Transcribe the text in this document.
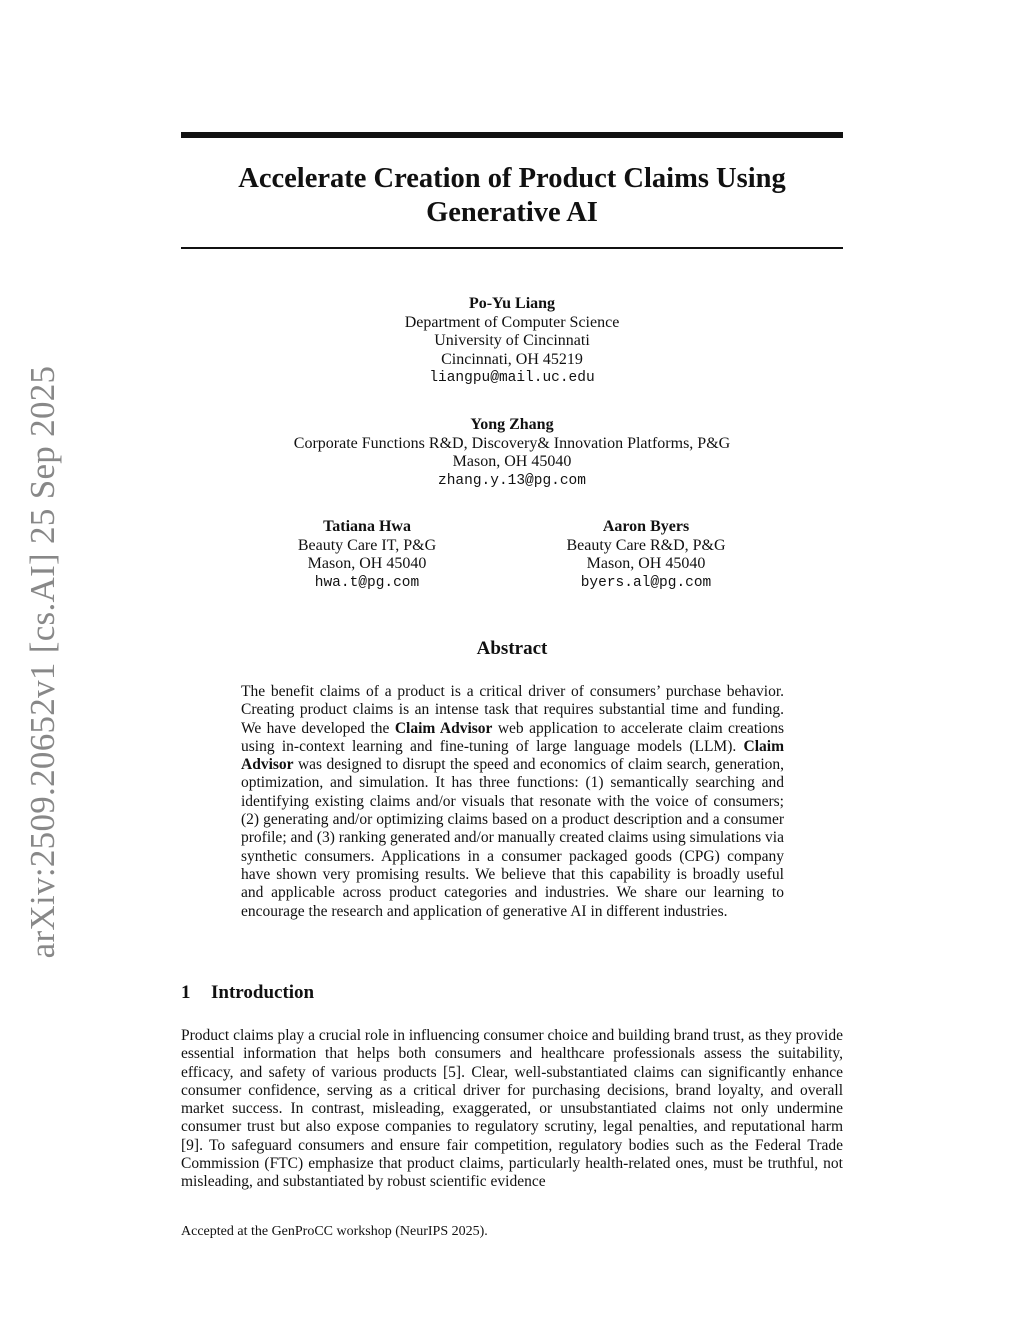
arXiv:2509.20652v1 [cs.AI] 25 Sep 2025
Accelerate Creation of Product Claims Using Generative AI
Po-Yu Liang
Department of Computer Science
University of Cincinnati
Cincinnati, OH 45219
liangpu@mail.uc.edu
Yong Zhang
Corporate Functions R&D, Discovery& Innovation Platforms, P&G
Mason, OH 45040
zhang.y.13@pg.com
Tatiana Hwa
Beauty Care IT, P&G
Mason, OH 45040
hwa.t@pg.com
Aaron Byers
Beauty Care R&D, P&G
Mason, OH 45040
byers.al@pg.com
Abstract

The benefit claims of a product is a critical driver of consumers’ purchase behavior. Creating product claims is an intense task that requires substantial time and funding. We have developed the Claim Advisor web application to accelerate claim creations using in-context learning and fine-tuning of large language models (LLM). Claim Advisor was designed to disrupt the speed and economics of claim search, generation, optimization, and simulation. It has three functions: (1) semantically searching and identifying existing claims and/or visuals that resonate with the voice of consumers; (2) generating and/or optimizing claims based on a product description and a consumer profile; and (3) ranking generated and/or manually created claims using simulations via synthetic consumers. Applications in a consumer packaged goods (CPG) company have shown very promising results. We believe that this capability is broadly useful and applicable across product categories and industries. We share our learning to encourage the research and application of generative AI in different industries.

1 Introduction

Product claims play a crucial role in influencing consumer choice and building brand trust, as they provide essential information that helps both consumers and healthcare professionals assess the suitability, efficacy, and safety of various products [5]. Clear, well-substantiated claims can significantly enhance consumer confidence, serving as a critical driver for purchasing decisions, brand loyalty, and overall market success. In contrast, misleading, exaggerated, or unsubstantiated claims not only undermine consumer trust but also expose companies to regulatory scrutiny, legal penalties, and reputational harm [9]. To safeguard consumers and ensure fair competition, regulatory bodies such as the Federal Trade Commission (FTC) emphasize that product claims, particularly health-related ones, must be truthful, not misleading, and substantiated by robust scientific evidence

Accepted at the GenProCC workshop (NeurIPS 2025).
